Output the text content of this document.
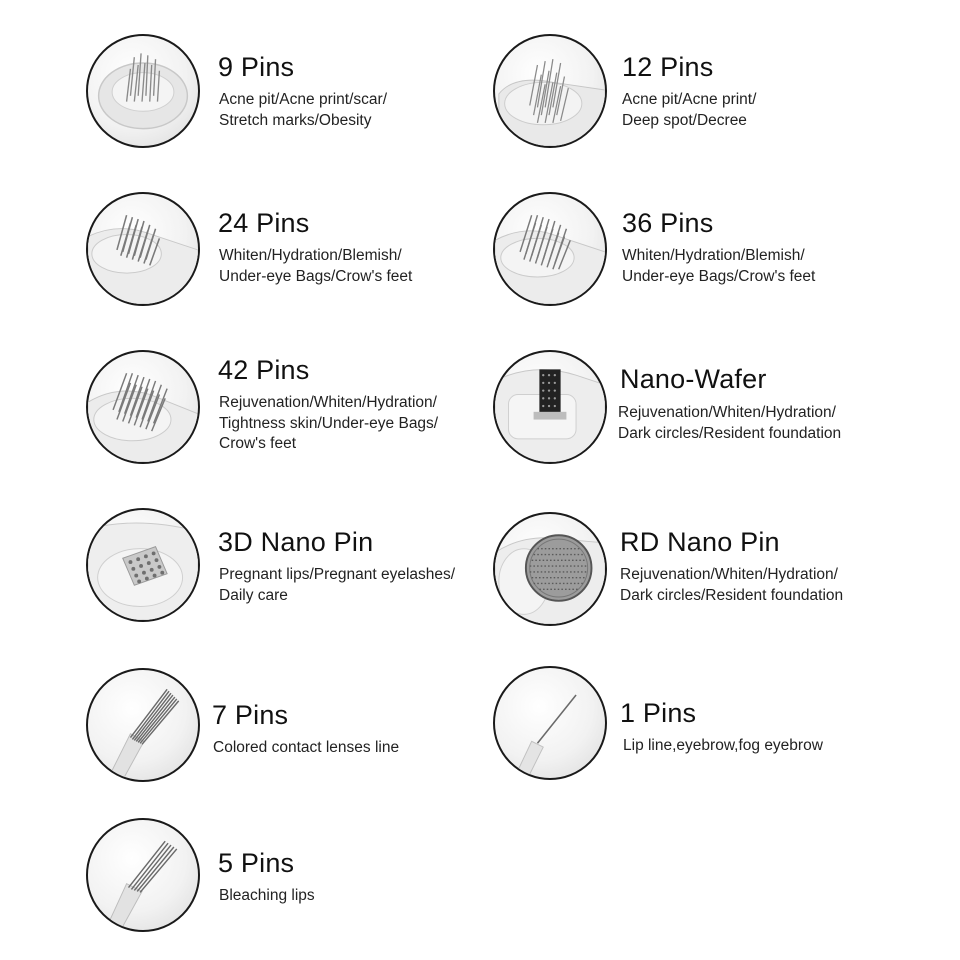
9 Pins
Acne pit/Acne print/scar/
Stretch marks/Obesity
12 Pins
Acne pit/Acne print/
Deep spot/Decree
24 Pins
Whiten/Hydration/Blemish/
Under-eye Bags/Crow's feet
36 Pins
Whiten/Hydration/Blemish/
Under-eye Bags/Crow's feet
42 Pins
Rejuvenation/Whiten/Hydration/
Tightness skin/Under-eye Bags/
Crow's feet
Nano-Wafer
Rejuvenation/Whiten/Hydration/
Dark circles/Resident foundation
3D Nano Pin
Pregnant lips/Pregnant eyelashes/
Daily care
RD Nano Pin
Rejuvenation/Whiten/Hydration/
Dark circles/Resident foundation
7 Pins
Colored contact lenses line
1 Pins
Lip line,eyebrow,fog eyebrow
5 Pins
Bleaching lips
